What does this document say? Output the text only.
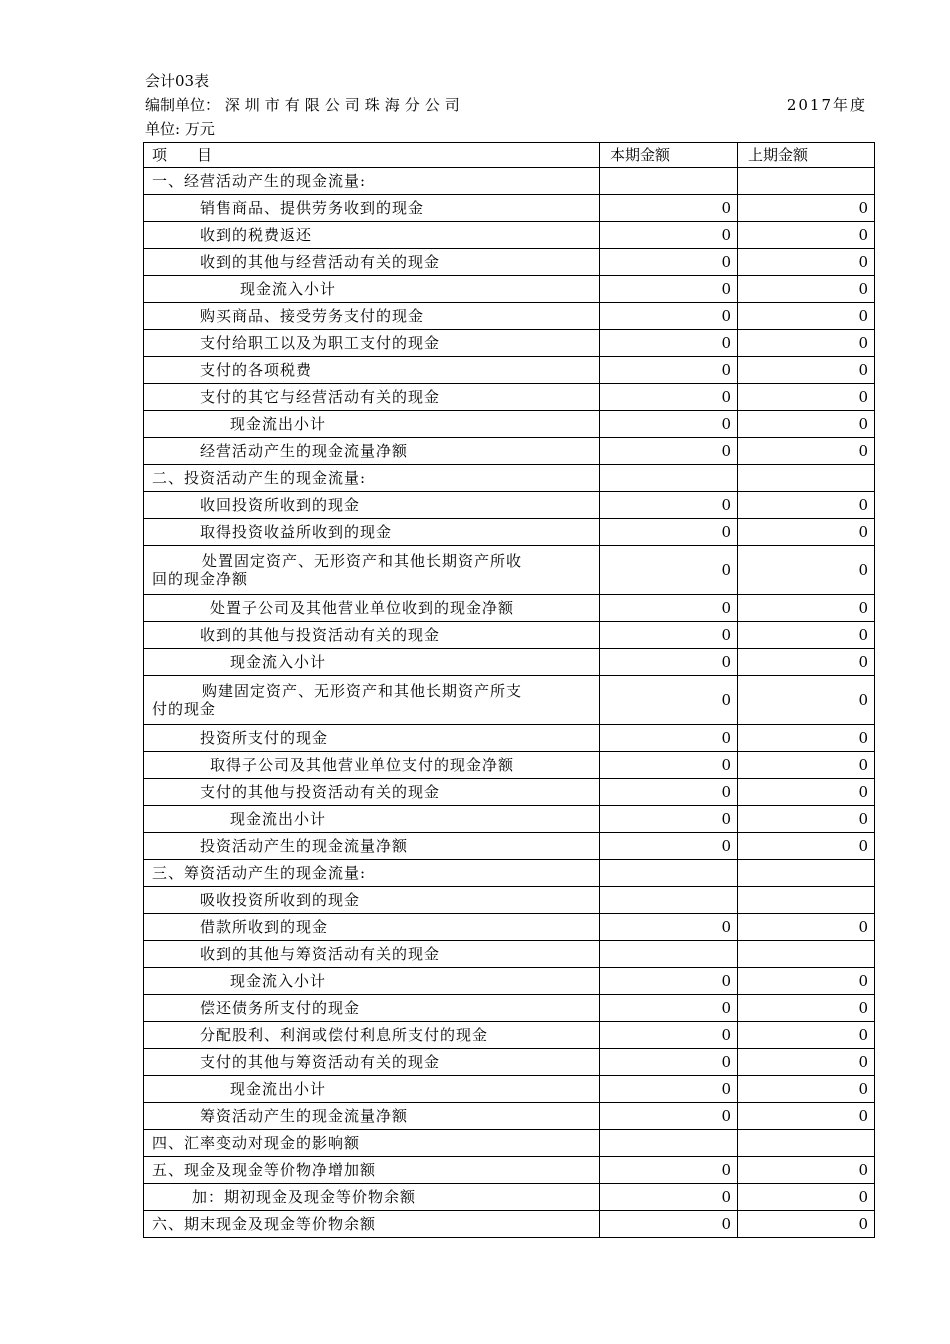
会计03表
编制单位： 深圳市有限公司珠海分公司	2017年度
单位: 万元
项　　目	本期金额	上期金额
一、经营活动产生的现金流量:		
销售商品、提供劳务收到的现金	0	0
收到的税费返还	0	0
收到的其他与经营活动有关的现金	0	0
现金流入小计	0	0
购买商品、接受劳务支付的现金	0	0
支付给职工以及为职工支付的现金	0	0
支付的各项税费	0	0
支付的其它与经营活动有关的现金	0	0
现金流出小计	0	0
经营活动产生的现金流量净额	0	0
二、投资活动产生的现金流量:		
收回投资所收到的现金	0	0
取得投资收益所收到的现金	0	0

处置固定资产、无形资产和其他长期资产所收
回的现金净额	0	0
处置子公司及其他营业单位收到的现金净额	0	0
收到的其他与投资活动有关的现金	0	0
现金流入小计	0	0

购建固定资产、无形资产和其他长期资产所支
付的现金	0	0
投资所支付的现金	0	0
取得子公司及其他营业单位支付的现金净额	0	0
支付的其他与投资活动有关的现金	0	0
现金流出小计	0	0
投资活动产生的现金流量净额	0	0
三、筹资活动产生的现金流量:		
吸收投资所收到的现金		
借款所收到的现金	0	0
收到的其他与筹资活动有关的现金		
现金流入小计	0	0
偿还债务所支付的现金	0	0
分配股利、利润或偿付利息所支付的现金	0	0
支付的其他与筹资活动有关的现金	0	0
现金流出小计	0	0
筹资活动产生的现金流量净额	0	0
四、汇率变动对现金的影响额		
五、现金及现金等价物净增加额	0	0
加：期初现金及现金等价物余额	0	0
六、期末现金及现金等价物余额	0	0
